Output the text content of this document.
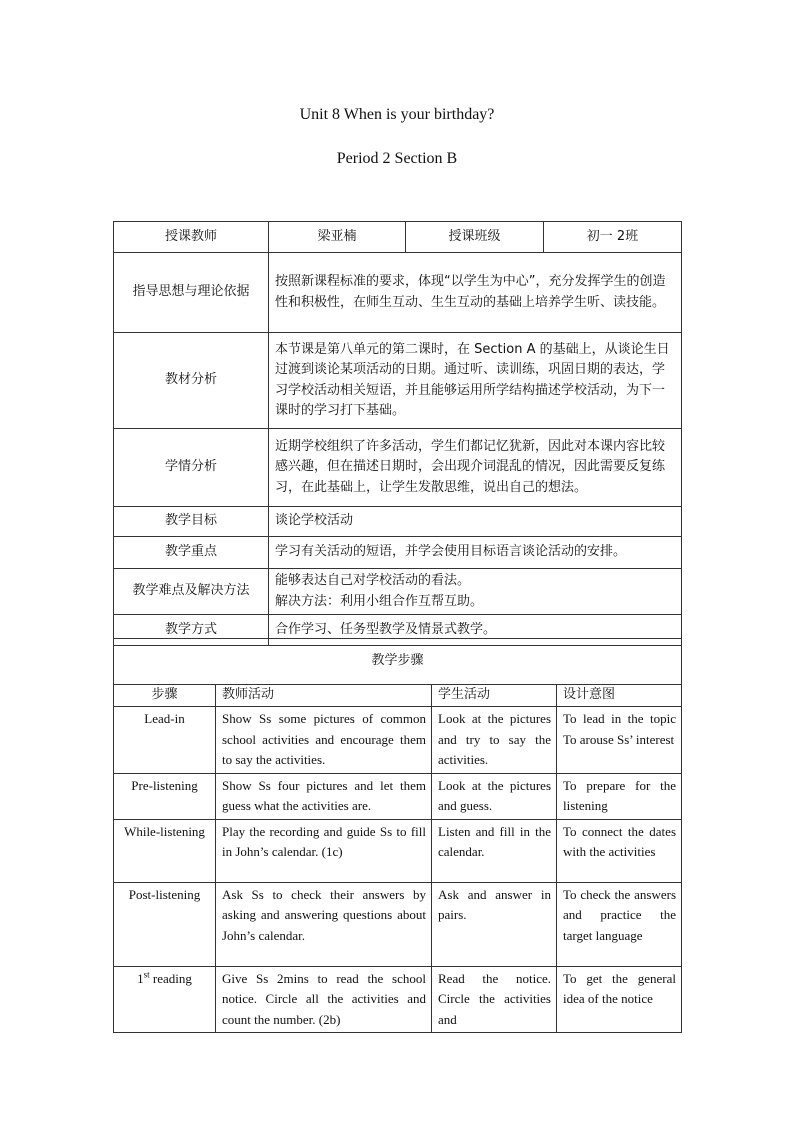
Unit 8 When is your birthday?
Period 2 Section B
授课教师	梁亚楠	授课班级	初一 2班
指导思想与理论依据	按照新课程标准的要求，体现“以学生为中心”，充分发挥学生的创造性和积极性，在师生互动、生生互动的基础上培养学生听、读技能。		
教材分析	本节课是第八单元的第二课时，在 Section A 的基础上，从谈论生日过渡到谈论某项活动的日期。通过听、读训练，巩固日期的表达，学习学校活动相关短语，并且能够运用所学结构描述学校活动，为下一课时的学习打下基础。		
学情分析	近期学校组织了许多活动，学生们都记忆犹新，因此对本课内容比较感兴趣，但在描述日期时，会出现介词混乱的情况，因此需要反复练习，在此基础上，让学生发散思维，说出自己的想法。		
教学目标	谈论学校活动		
教学重点	学习有关活动的短语，并学会使用目标语言谈论活动的安排。		
教学难点及解决方法	能够表达自己对学校活动的看法。
解决方法：利用小组合作互帮互助。		

教学方式	合作学习、任务型教学及情景式教学。		
教学步骤			
步骤	教师活动	学生活动	设计意图
Lead-in	Show Ss some pictures of common school activities and encourage them to say the activities.	Look at the pictures and try to say the activities.	To lead in the topic To arouse Ss’ interest
Pre-listening	Show Ss four pictures and let them guess what the activities are.	Look at the pictures and guess.	To prepare for the listening
While-listening	Play the recording and guide Ss to fill in John’s calendar. (1c)	Listen and fill in the calendar.	To connect the dates with the activities
Post-listening	Ask Ss to check their answers by asking and answering questions about John’s calendar.	Ask and answer in pairs.	To check the answers and practice the target language
1st reading	Give Ss 2mins to read the school notice. Circle all the activities and count the number. (2b)	Read the notice. Circle the activities and	To get the general idea of the notice
